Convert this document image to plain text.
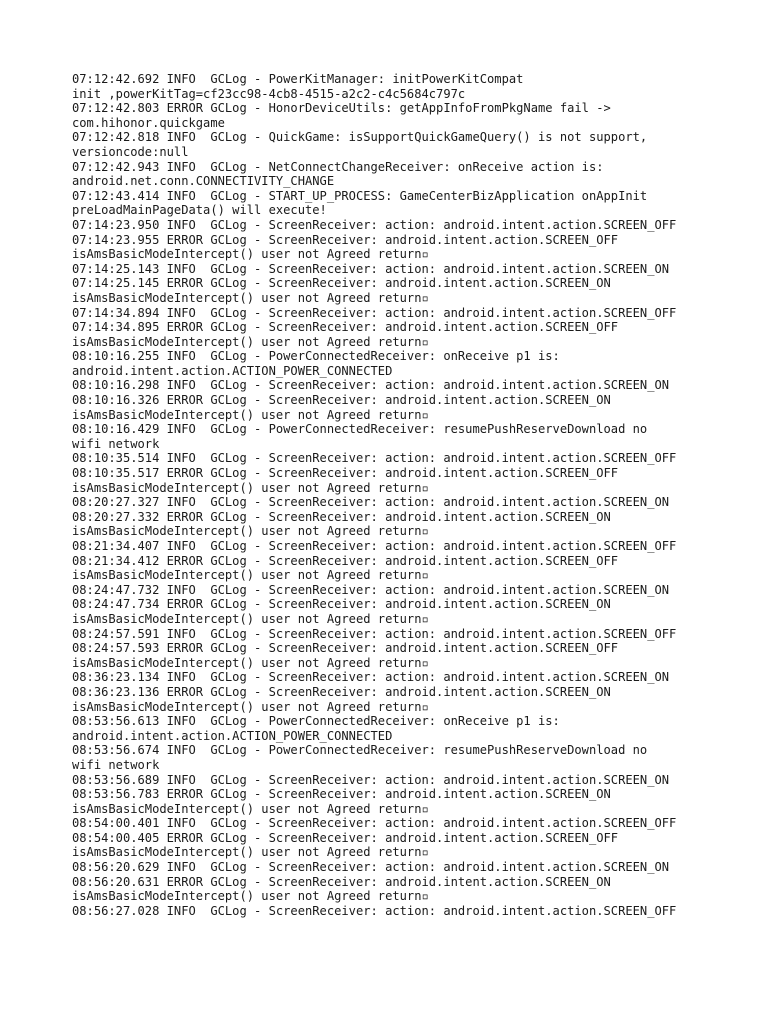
07:12:42.692 INFO  GCLog - PowerKitManager: initPowerKitCompat

init ,powerKitTag=cf23cc98-4cb8-4515-a2c2-c4c5684c797c

07:12:42.803 ERROR GCLog - HonorDeviceUtils: getAppInfoFromPkgName fail ->

com.hihonor.quickgame

07:12:42.818 INFO  GCLog - QuickGame: isSupportQuickGameQuery() is not support,

versioncode:null

07:12:42.943 INFO  GCLog - NetConnectChangeReceiver: onReceive action is:

android.net.conn.CONNECTIVITY_CHANGE

07:12:43.414 INFO  GCLog - START_UP_PROCESS: GameCenterBizApplication onAppInit

preLoadMainPageData() will execute!

07:14:23.950 INFO  GCLog - ScreenReceiver: action: android.intent.action.SCREEN_OFF

07:14:23.955 ERROR GCLog - ScreenReceiver: android.intent.action.SCREEN_OFF

isAmsBasicModeIntercept() user not Agreed return▫

07:14:25.143 INFO  GCLog - ScreenReceiver: action: android.intent.action.SCREEN_ON

07:14:25.145 ERROR GCLog - ScreenReceiver: android.intent.action.SCREEN_ON

isAmsBasicModeIntercept() user not Agreed return▫

07:14:34.894 INFO  GCLog - ScreenReceiver: action: android.intent.action.SCREEN_OFF

07:14:34.895 ERROR GCLog - ScreenReceiver: android.intent.action.SCREEN_OFF

isAmsBasicModeIntercept() user not Agreed return▫

08:10:16.255 INFO  GCLog - PowerConnectedReceiver: onReceive p1 is:

android.intent.action.ACTION_POWER_CONNECTED

08:10:16.298 INFO  GCLog - ScreenReceiver: action: android.intent.action.SCREEN_ON

08:10:16.326 ERROR GCLog - ScreenReceiver: android.intent.action.SCREEN_ON

isAmsBasicModeIntercept() user not Agreed return▫

08:10:16.429 INFO  GCLog - PowerConnectedReceiver: resumePushReserveDownload no

wifi network

08:10:35.514 INFO  GCLog - ScreenReceiver: action: android.intent.action.SCREEN_OFF

08:10:35.517 ERROR GCLog - ScreenReceiver: android.intent.action.SCREEN_OFF

isAmsBasicModeIntercept() user not Agreed return▫

08:20:27.327 INFO  GCLog - ScreenReceiver: action: android.intent.action.SCREEN_ON

08:20:27.332 ERROR GCLog - ScreenReceiver: android.intent.action.SCREEN_ON

isAmsBasicModeIntercept() user not Agreed return▫

08:21:34.407 INFO  GCLog - ScreenReceiver: action: android.intent.action.SCREEN_OFF

08:21:34.412 ERROR GCLog - ScreenReceiver: android.intent.action.SCREEN_OFF

isAmsBasicModeIntercept() user not Agreed return▫

08:24:47.732 INFO  GCLog - ScreenReceiver: action: android.intent.action.SCREEN_ON

08:24:47.734 ERROR GCLog - ScreenReceiver: android.intent.action.SCREEN_ON

isAmsBasicModeIntercept() user not Agreed return▫

08:24:57.591 INFO  GCLog - ScreenReceiver: action: android.intent.action.SCREEN_OFF

08:24:57.593 ERROR GCLog - ScreenReceiver: android.intent.action.SCREEN_OFF

isAmsBasicModeIntercept() user not Agreed return▫

08:36:23.134 INFO  GCLog - ScreenReceiver: action: android.intent.action.SCREEN_ON

08:36:23.136 ERROR GCLog - ScreenReceiver: android.intent.action.SCREEN_ON

isAmsBasicModeIntercept() user not Agreed return▫

08:53:56.613 INFO  GCLog - PowerConnectedReceiver: onReceive p1 is:

android.intent.action.ACTION_POWER_CONNECTED

08:53:56.674 INFO  GCLog - PowerConnectedReceiver: resumePushReserveDownload no

wifi network

08:53:56.689 INFO  GCLog - ScreenReceiver: action: android.intent.action.SCREEN_ON

08:53:56.783 ERROR GCLog - ScreenReceiver: android.intent.action.SCREEN_ON

isAmsBasicModeIntercept() user not Agreed return▫

08:54:00.401 INFO  GCLog - ScreenReceiver: action: android.intent.action.SCREEN_OFF

08:54:00.405 ERROR GCLog - ScreenReceiver: android.intent.action.SCREEN_OFF

isAmsBasicModeIntercept() user not Agreed return▫

08:56:20.629 INFO  GCLog - ScreenReceiver: action: android.intent.action.SCREEN_ON

08:56:20.631 ERROR GCLog - ScreenReceiver: android.intent.action.SCREEN_ON

isAmsBasicModeIntercept() user not Agreed return▫

08:56:27.028 INFO  GCLog - ScreenReceiver: action: android.intent.action.SCREEN_OFF
